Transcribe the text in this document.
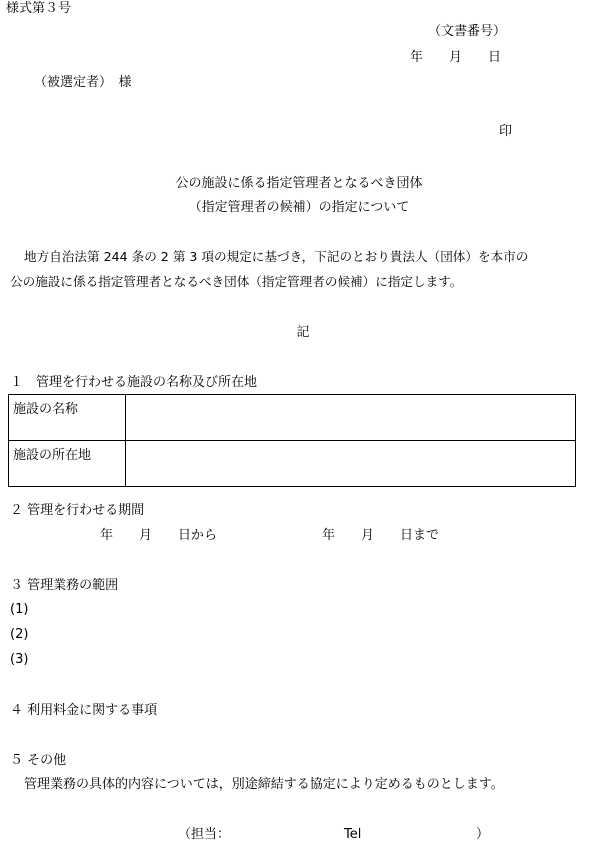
様式第３号
（文書番号）
年　　月　　日
（被選定者）　様
印
公の施設に係る指定管理者となるべき団体
（指定管理者の候補）の指定について
地方自治法第 244 条の 2 第 3 項の規定に基づき，下記のとおり貴法人（団体）を本市の
公の施設に係る指定管理者となるべき団体（指定管理者の候補）に指定します。
記
１　管理を行わせる施設の名称及び所在地
施設の名称	
施設の所在地	
２ 管理を行わせる期間
年　　月　　日から	年　　月　　日まで
３ 管理業務の範囲
(1)
(2)
(3)
４ 利用料金に関する事項
５ その他
管理業務の具体的内容については，別途締結する協定により定めるものとします。
（担当：	Tel	）
